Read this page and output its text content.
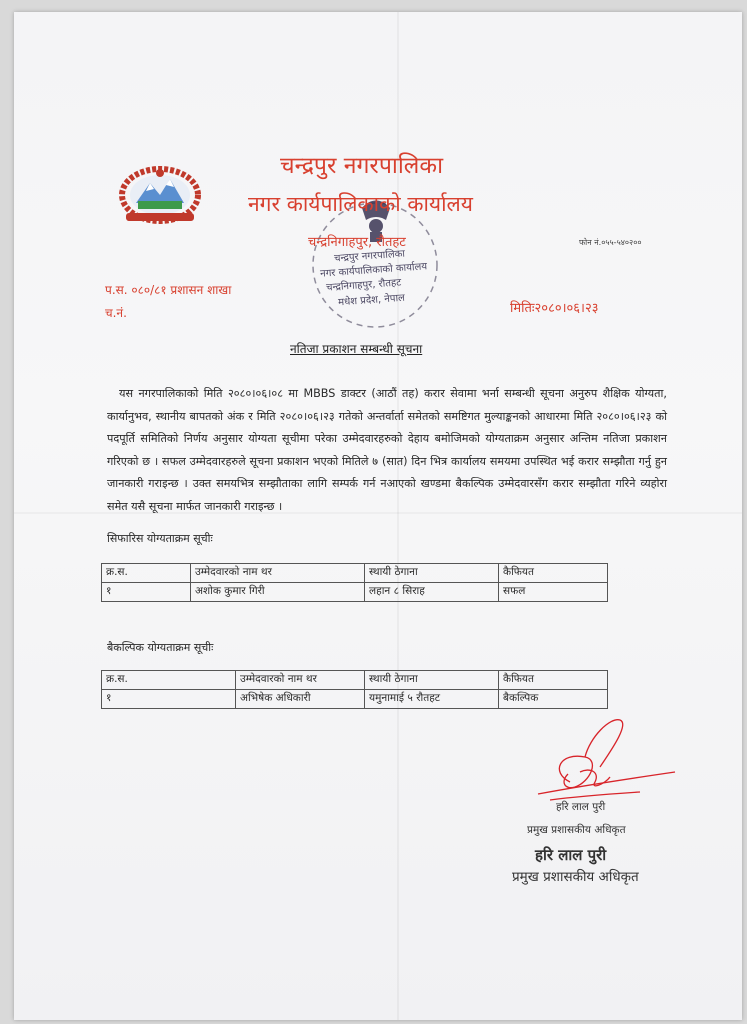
चन्द्रपुर नगरपालिका
नगर कार्यपालिकाको कार्यालय
चन्द्रनिगाहपुर, रौतहट
मधेश प्रदेश, नेपाल
चन्द्रपुर नगरपालिका
नगर कार्यपालिकाको कार्यालय
चन्द्रनिगाहपुर, रौतहट	फोन नं.०५५-५४०२००
प.स. ०८०/८१ प्रशासन शाखा
च.नं.	मितिः२०८०।०६।२३
नतिजा प्रकाशन सम्बन्धी सूचना
यस नगरपालिकाको मिति २०८०।०६।०८ मा MBBS डाक्टर (आठौं तह) करार सेवामा भर्ना सम्बन्धी सूचना अनुरुप शैक्षिक योग्यता, कार्यानुभव, स्थानीय बापतको अंक र मिति २०८०।०६।२३ गतेको अन्तर्वार्ता समेतको समष्टिगत मुल्याङ्कनको आधारमा मिति २०८०।०६।२३ को पदपूर्ति समितिको निर्णय अनुसार योग्यता सूचीमा परेका उम्मेदवारहरुको देहाय बमोजिमको योग्यताक्रम अनुसार अन्तिम नतिजा प्रकाशन गरिएको छ । सफल उम्मेदवारहरुले सूचना प्रकाशन भएको मितिले ७ (सात) दिन भित्र कार्यालय समयमा उपस्थित भई करार सम्झौता गर्नु हुन जानकारी गराइन्छ । उक्त समयभित्र सम्झौताका लागि सम्पर्क गर्न नआएको खण्डमा बैकल्पिक उम्मेदवारसँग करार सम्झौता गरिने व्यहोरा समेत यसै सूचना मार्फत जानकारी गराइन्छ ।
सिफारिस योग्यताक्रम सूचीः
क्र.स.	उम्मेदवारको नाम थर	स्थायी ठेगाना	कैफियत
१	अशोक कुमार गिरी	लहान ८ सिराह	सफल
बैकल्पिक योग्यताक्रम सूचीः
क्र.स.	उम्मेदवारको नाम थर	स्थायी ठेगाना	कैफियत
१	अभिषेक अधिकारी	यमुनामाई ५ रौतहट	बैकल्पिक
हरि लाल पुरी
प्रमुख प्रशासकीय अधिकृत
हरि लाल पुरी
प्रमुख प्रशासकीय अधिकृत
